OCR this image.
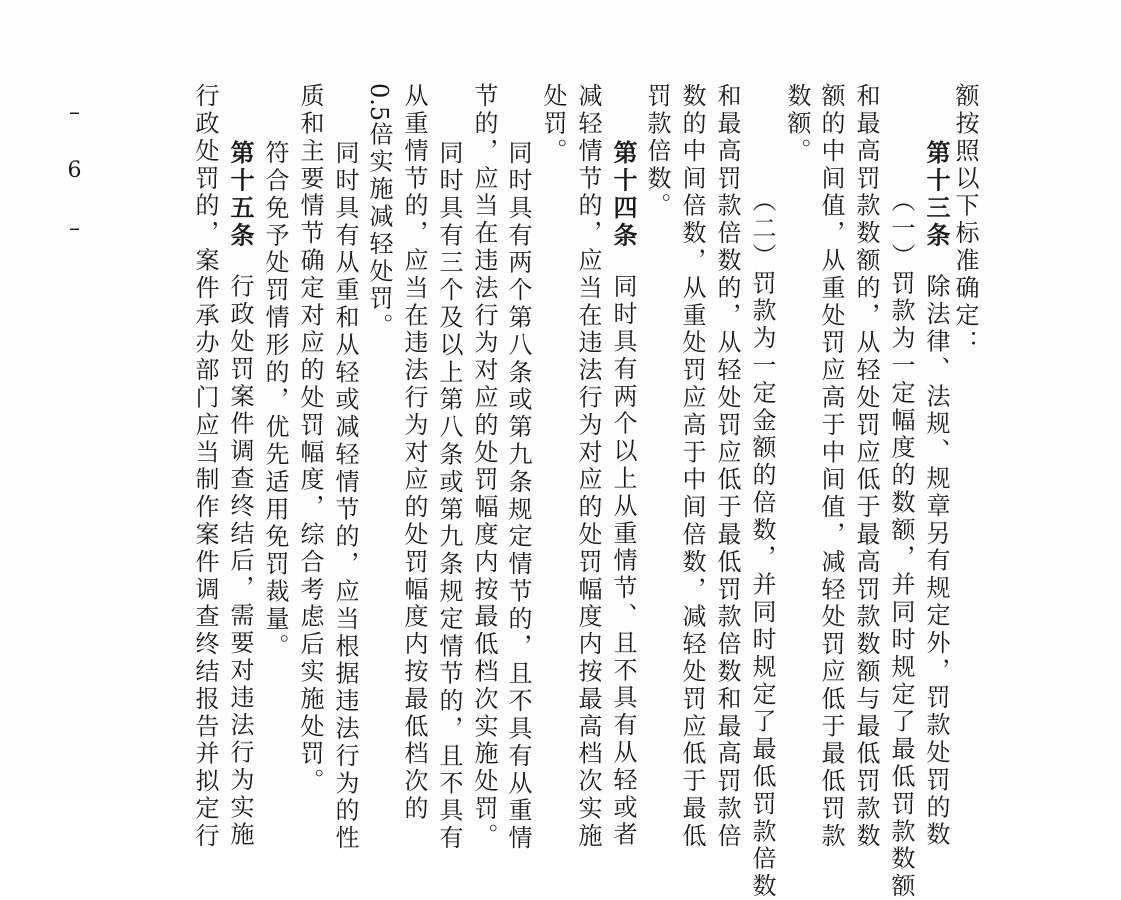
额按照以下标准确定：
第十三条除法律、法规、规章另有规定外，罚款处罚的数
（一）罚款为一定幅度的数额，并同时规定了最低罚款数额
和最高罚款数额的，从轻处罚应低于最高罚款数额与最低罚款数
额的中间值，从重处罚应高于中间值，减轻处罚应低于最低罚款
数额。
（二）罚款为一定金额的倍数，并同时规定了最低罚款倍数
和最高罚款倍数的，从轻处罚应低于最低罚款倍数和最高罚款倍
数的中间倍数，从重处罚应高于中间倍数，减轻处罚应低于最低
罚款倍数。
第十四条同时具有两个以上从重情节、且不具有从轻或者
减轻情节的，应当在违法行为对应的处罚幅度内按最高档次实施
处罚。
同时具有两个第八条或第九条规定情节的，且不具有从重情
节的，应当在违法行为对应的处罚幅度内按最低档次实施处罚。
同时具有三个及以上第八条或第九条规定情节的，且不具有
从重情节的，应当在违法行为对应的处罚幅度内按最低档次的
0.5倍实施减轻处罚。
同时具有从重和从轻或减轻情节的，应当根据违法行为的性
质和主要情节确定对应的处罚幅度，综合考虑后实施处罚。
符合免予处罚情形的，优先适用免罚裁量。
第十五条行政处罚案件调查终结后，需要对违法行为实施
行政处罚的，案件承办部门应当制作案件调查终结报告并拟定行
– 6 –
